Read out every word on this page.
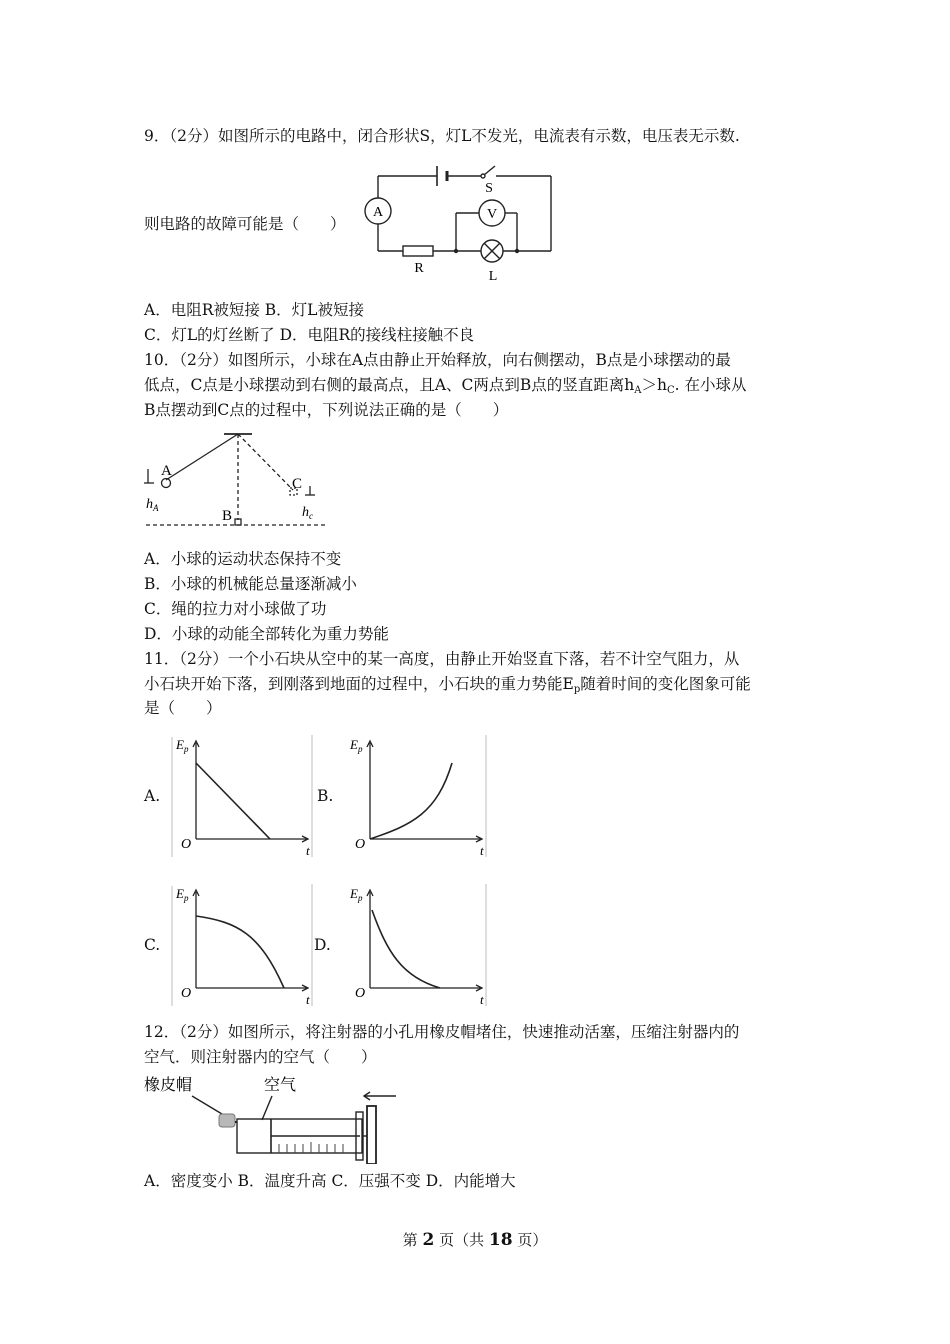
9．（2分）如图所示的电路中，闭合形状S，灯L不发光，电流表有示数，电压表无示数.
则电路的故障可能是（　　）
A	V
S
R
L
A．电阻R被短接 B．灯L被短接
C．灯L的灯丝断了 D．电阻R的接线柱接触不良
10．（2分）如图所示，小球在A点由静止开始释放，向右侧摆动，B点是小球摆动的最
低点，C点是小球摆动到右侧的最高点，且A、C两点到B点的竖直距离$h_A>h_C$. 在小球从
B点摆动到C点的过程中，下列说法正确的是（　　）
A
B
C
$h_A$	$h_c$
A．小球的运动状态保持不变
B．小球的机械能总量逐渐减小
C．绳的拉力对小球做了功
D．小球的动能全部转化为重力势能
11．（2分）一个小石块从空中的某一高度，由静止开始竖直下落，若不计空气阻力，从
小石块开始下落，到刚落到地面的过程中，小石块的重力势能$E_p$随着时间的变化图象可能
是（　　）
A.
$E_p$
O	t
B.
$E_p$
O	t
C.
$E_p$
O	t
D.
$E_p$
O	t
12．（2分）如图所示，将注射器的小孔用橡皮帽堵住，快速推动活塞，压缩注射器内的
空气．则注射器内的空气（　　）
橡皮帽	空气
A．密度变小 B．温度升高 C．压强不变 D．内能增大
第 2 页（共 18 页）
